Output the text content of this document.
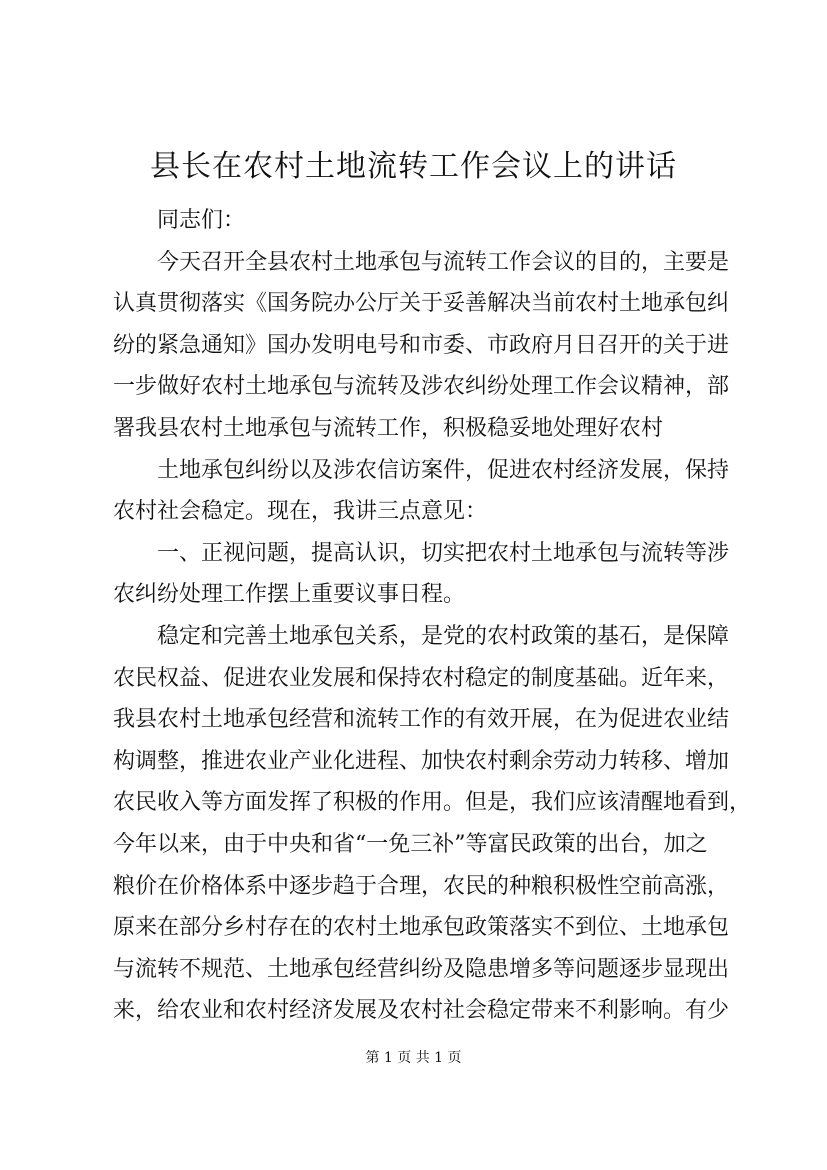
县长在农村土地流转工作会议上的讲话
同志们：
今天召开全县农村土地承包与流转工作会议的目的，主要是
认真贯彻落实《国务院办公厅关于妥善解决当前农村土地承包纠
纷的紧急通知》国办发明电号和市委、市政府月日召开的关于进
一步做好农村土地承包与流转及涉农纠纷处理工作会议精神，部
署我县农村土地承包与流转工作，积极稳妥地处理好农村
土地承包纠纷以及涉农信访案件，促进农村经济发展，保持
农村社会稳定。现在，我讲三点意见：
一、正视问题，提高认识，切实把农村土地承包与流转等涉
农纠纷处理工作摆上重要议事日程。
稳定和完善土地承包关系，是党的农村政策的基石，是保障
农民权益、促进农业发展和保持农村稳定的制度基础。近年来，
我县农村土地承包经营和流转工作的有效开展，在为促进农业结
构调整，推进农业产业化进程、加快农村剩余劳动力转移、增加
农民收入等方面发挥了积极的作用。但是，我们应该清醒地看到，
今年以来，由于中央和省“一免三补”等富民政策的出台，加之
粮价在价格体系中逐步趋于合理，农民的种粮积极性空前高涨，
原来在部分乡村存在的农村土地承包政策落实不到位、土地承包
与流转不规范、土地承包经营纠纷及隐患增多等问题逐步显现出
来，给农业和农村经济发展及农村社会稳定带来不利影响。有少
第 1 页 共 1 页
